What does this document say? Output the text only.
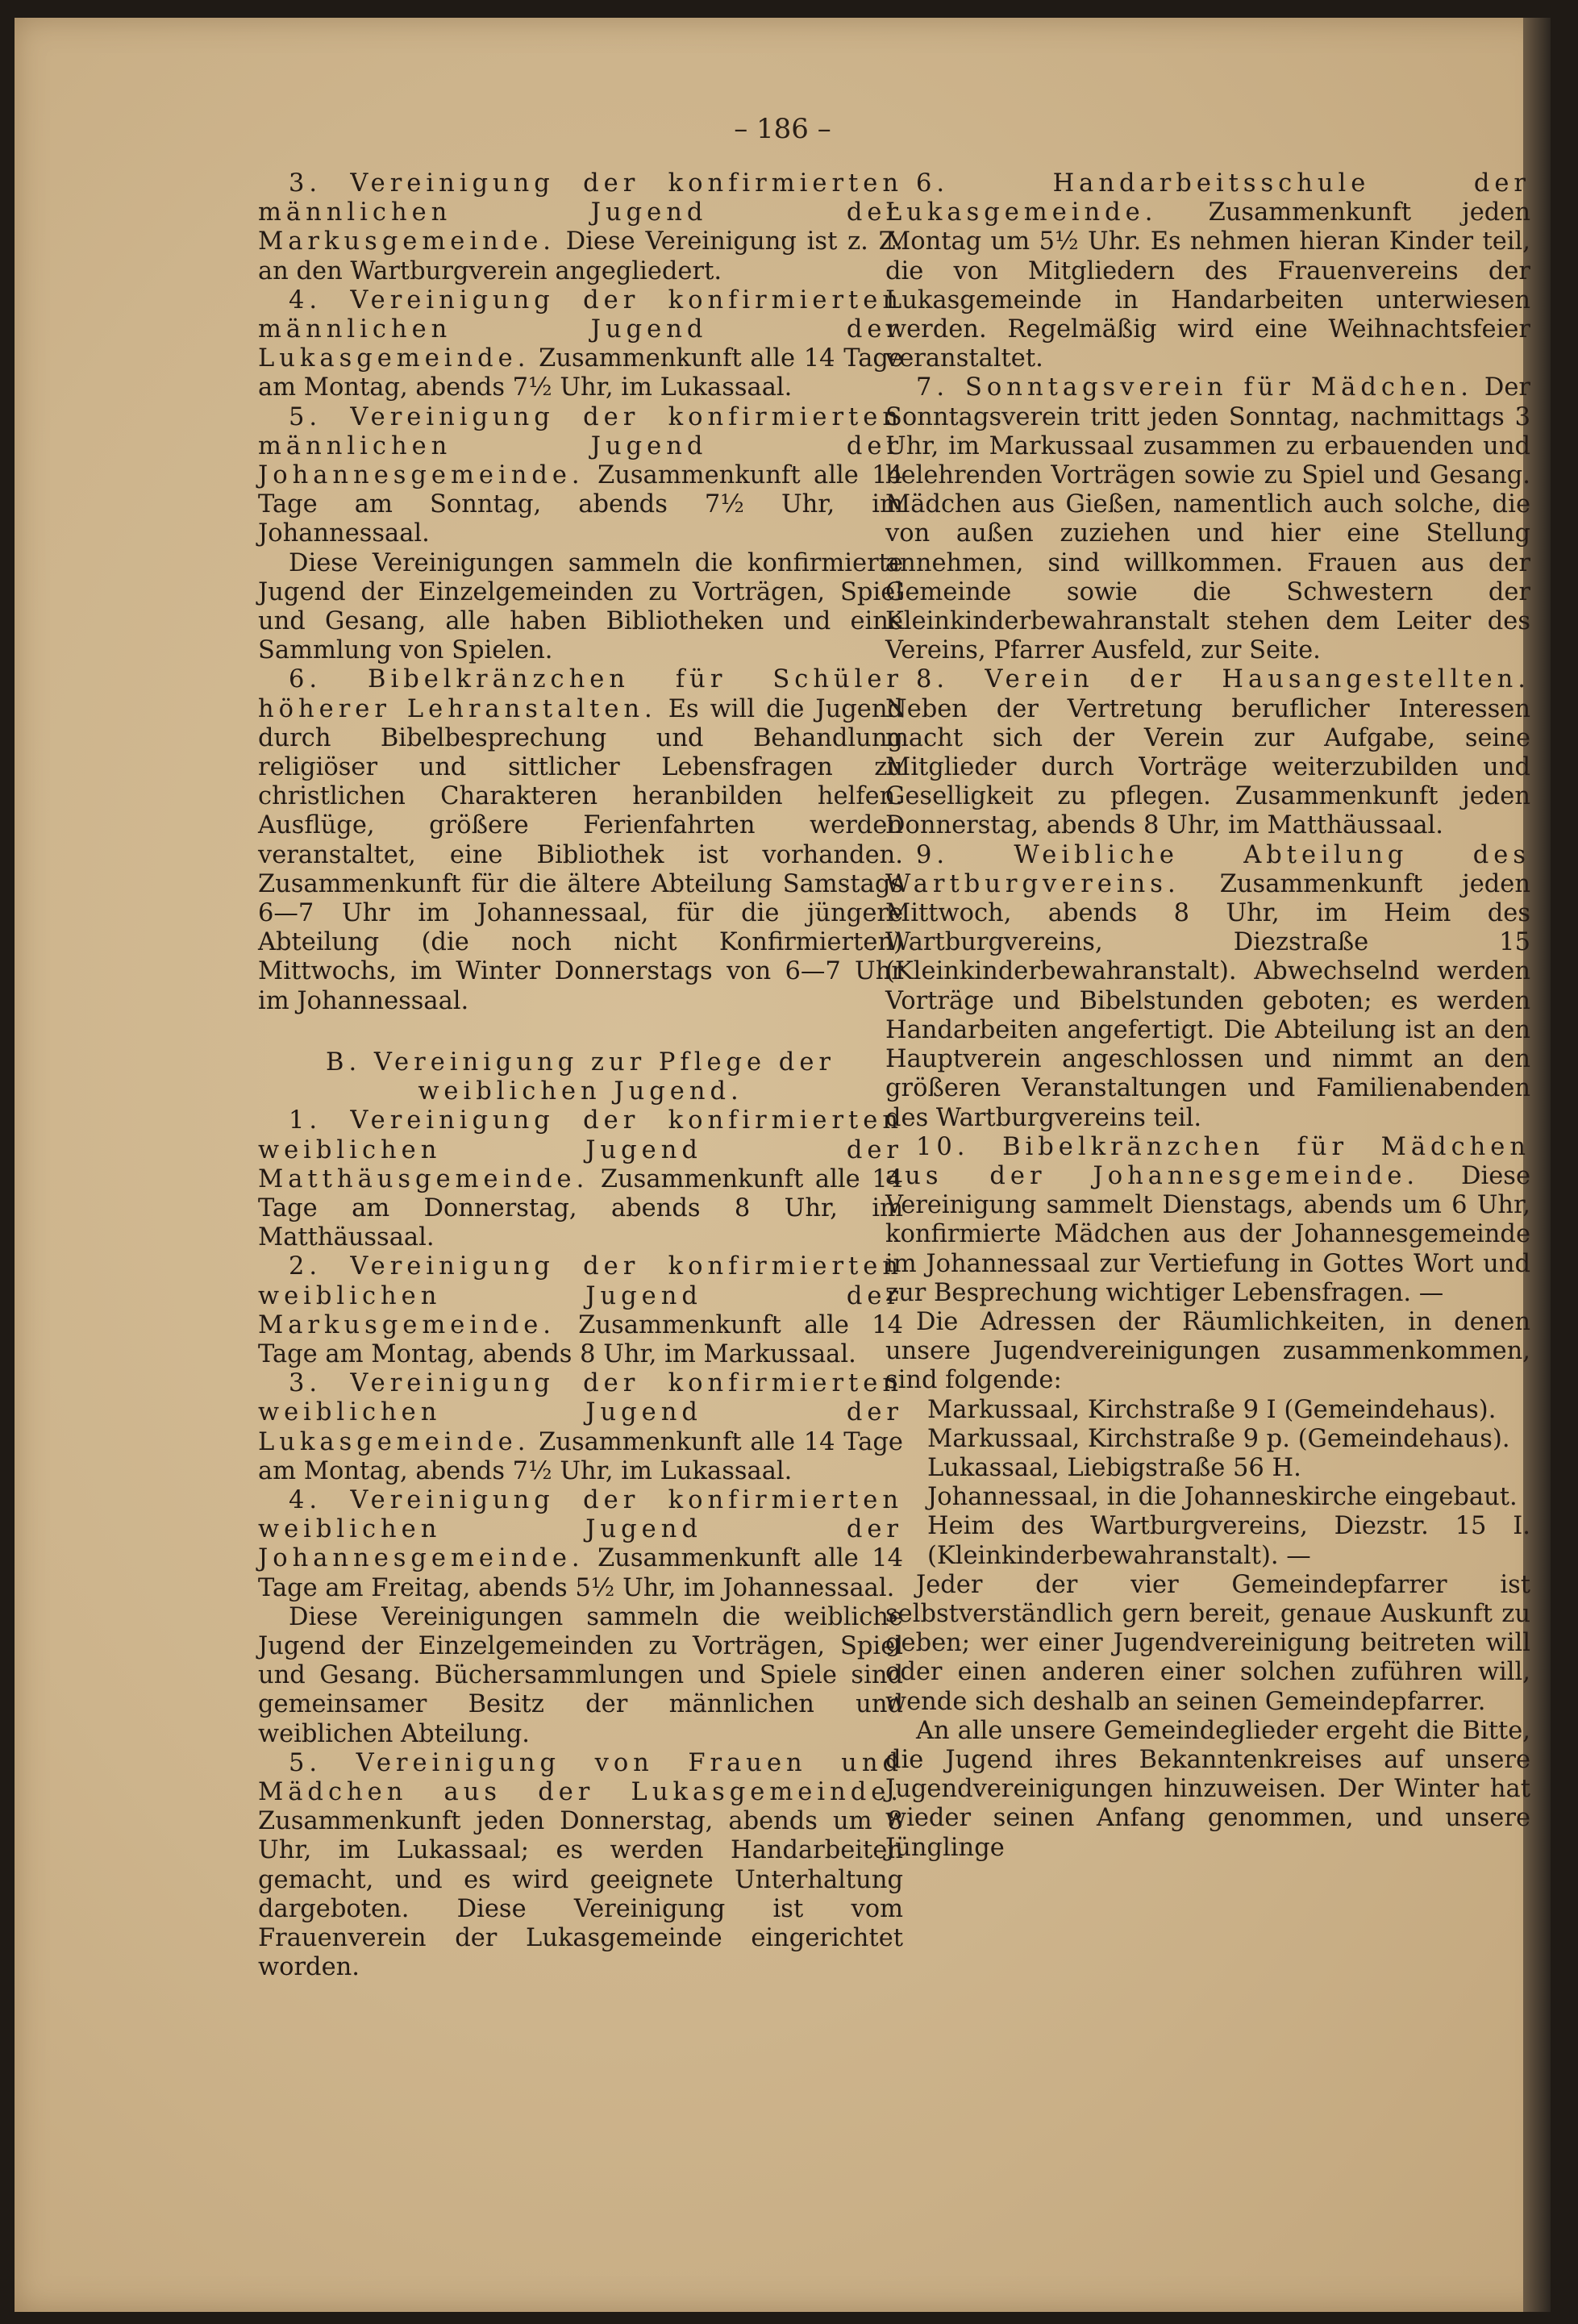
– 186 –

3. Vereinigung der konfirmierten männlichen Jugend der Markusgemeinde. Diese Vereinigung ist z. Z. an den Wartburgverein angegliedert.

4. Vereinigung der konfirmierten männlichen Jugend der Lukasgemeinde. Zusammenkunft alle 14 Tage am Montag, abends 7½ Uhr, im Lukassaal.

5. Vereinigung der konfirmierten männlichen Jugend der Johannesgemeinde. Zusammenkunft alle 14 Tage am Sonntag, abends 7½ Uhr, im Johannessaal.

Diese Vereinigungen sammeln die konfirmierte Jugend der Einzelgemeinden zu Vorträgen, Spiel und Gesang, alle haben Bibliotheken und eine Sammlung von Spielen.

6. Bibelkränzchen für Schüler höherer Lehranstalten. Es will die Jugend durch Bibelbesprechung und Behandlung religiöser und sittlicher Lebensfragen zu christlichen Charakteren heranbilden helfen. Ausflüge, größere Ferienfahrten werden veranstaltet, eine Bibliothek ist vorhanden. Zusammenkunft für die ältere Abteilung Samstags 6—7 Uhr im Johannessaal, für die jüngere Abteilung (die noch nicht Konfirmierten) Mittwochs, im Winter Donnerstags von 6—7 Uhr im Johannessaal.

B. Vereinigung zur Pflege der weiblichen Jugend.

1. Vereinigung der konfirmierten weiblichen Jugend der Matthäusgemeinde. Zusammenkunft alle 14 Tage am Donnerstag, abends 8 Uhr, im Matthäussaal.

2. Vereinigung der konfirmierten weiblichen Jugend der Markusgemeinde. Zusammenkunft alle 14 Tage am Montag, abends 8 Uhr, im Markussaal.

3. Vereinigung der konfirmierten weiblichen Jugend der Lukasgemeinde. Zusammenkunft alle 14 Tage am Montag, abends 7½ Uhr, im Lukassaal.

4. Vereinigung der konfirmierten weiblichen Jugend der Johannesgemeinde. Zusammenkunft alle 14 Tage am Freitag, abends 5½ Uhr, im Johannessaal.

Diese Vereinigungen sammeln die weibliche Jugend der Einzelgemeinden zu Vorträgen, Spiel und Gesang. Büchersammlungen und Spiele sind gemeinsamer Besitz der männlichen und weiblichen Abteilung.

5. Vereinigung von Frauen und Mädchen aus der Lukasgemeinde. Zusammenkunft jeden Donnerstag, abends um 8 Uhr, im Lukassaal; es werden Handarbeiten gemacht, und es wird geeignete Unterhaltung dargeboten. Diese Vereinigung ist vom Frauenverein der Lukasgemeinde eingerichtet worden.

6. Handarbeitsschule der Lukasgemeinde. Zusammenkunft jeden Montag um 5½ Uhr. Es nehmen hieran Kinder teil, die von Mitgliedern des Frauenvereins der Lukasgemeinde in Handarbeiten unterwiesen werden. Regelmäßig wird eine Weihnachtsfeier veranstaltet.

7. Sonntagsverein für Mädchen. Der Sonntagsverein tritt jeden Sonntag, nachmittags 3 Uhr, im Markussaal zusammen zu erbauenden und belehrenden Vorträgen sowie zu Spiel und Gesang. Mädchen aus Gießen, namentlich auch solche, die von außen zuziehen und hier eine Stellung annehmen, sind willkommen. Frauen aus der Gemeinde sowie die Schwestern der Kleinkinderbewahranstalt stehen dem Leiter des Vereins, Pfarrer Ausfeld, zur Seite.

8. Verein der Hausangestellten. Neben der Vertretung beruflicher Interessen macht sich der Verein zur Aufgabe, seine Mitglieder durch Vorträge weiterzubilden und Geselligkeit zu pflegen. Zusammenkunft jeden Donnerstag, abends 8 Uhr, im Matthäussaal.

9. Weibliche Abteilung des Wartburgvereins. Zusammenkunft jeden Mittwoch, abends 8 Uhr, im Heim des Wartburgvereins, Diezstraße 15 (Kleinkinderbewahranstalt). Abwechselnd werden Vorträge und Bibelstunden geboten; es werden Handarbeiten angefertigt. Die Abteilung ist an den Hauptverein angeschlossen und nimmt an den größeren Veranstaltungen und Familienabenden des Wartburgvereins teil.

10. Bibelkränzchen für Mädchen aus der Johannesgemeinde. Diese Vereinigung sammelt Dienstags, abends um 6 Uhr, konfirmierte Mädchen aus der Johannesgemeinde im Johannessaal zur Vertiefung in Gottes Wort und zur Besprechung wichtiger Lebensfragen. —

Die Adressen der Räumlichkeiten, in denen unsere Jugendvereinigungen zusammenkommen, sind folgende:

Markussaal, Kirchstraße 9 I (Gemeindehaus).

Markussaal, Kirchstraße 9 p. (Gemeindehaus).

Lukassaal, Liebigstraße 56 H.

Johannessaal, in die Johanneskirche eingebaut.

Heim des Wartburgvereins, Diezstr. 15 I. (Kleinkinderbewahranstalt). —

Jeder der vier Gemeindepfarrer ist selbstverständlich gern bereit, genaue Auskunft zu geben; wer einer Jugendvereinigung beitreten will oder einen anderen einer solchen zuführen will, wende sich deshalb an seinen Gemeindepfarrer.

An alle unsere Gemeindeglieder ergeht die Bitte, die Jugend ihres Bekanntenkreises auf unsere Jugendvereinigungen hinzuweisen. Der Winter hat wieder seinen Anfang genommen, und unsere Jünglinge
